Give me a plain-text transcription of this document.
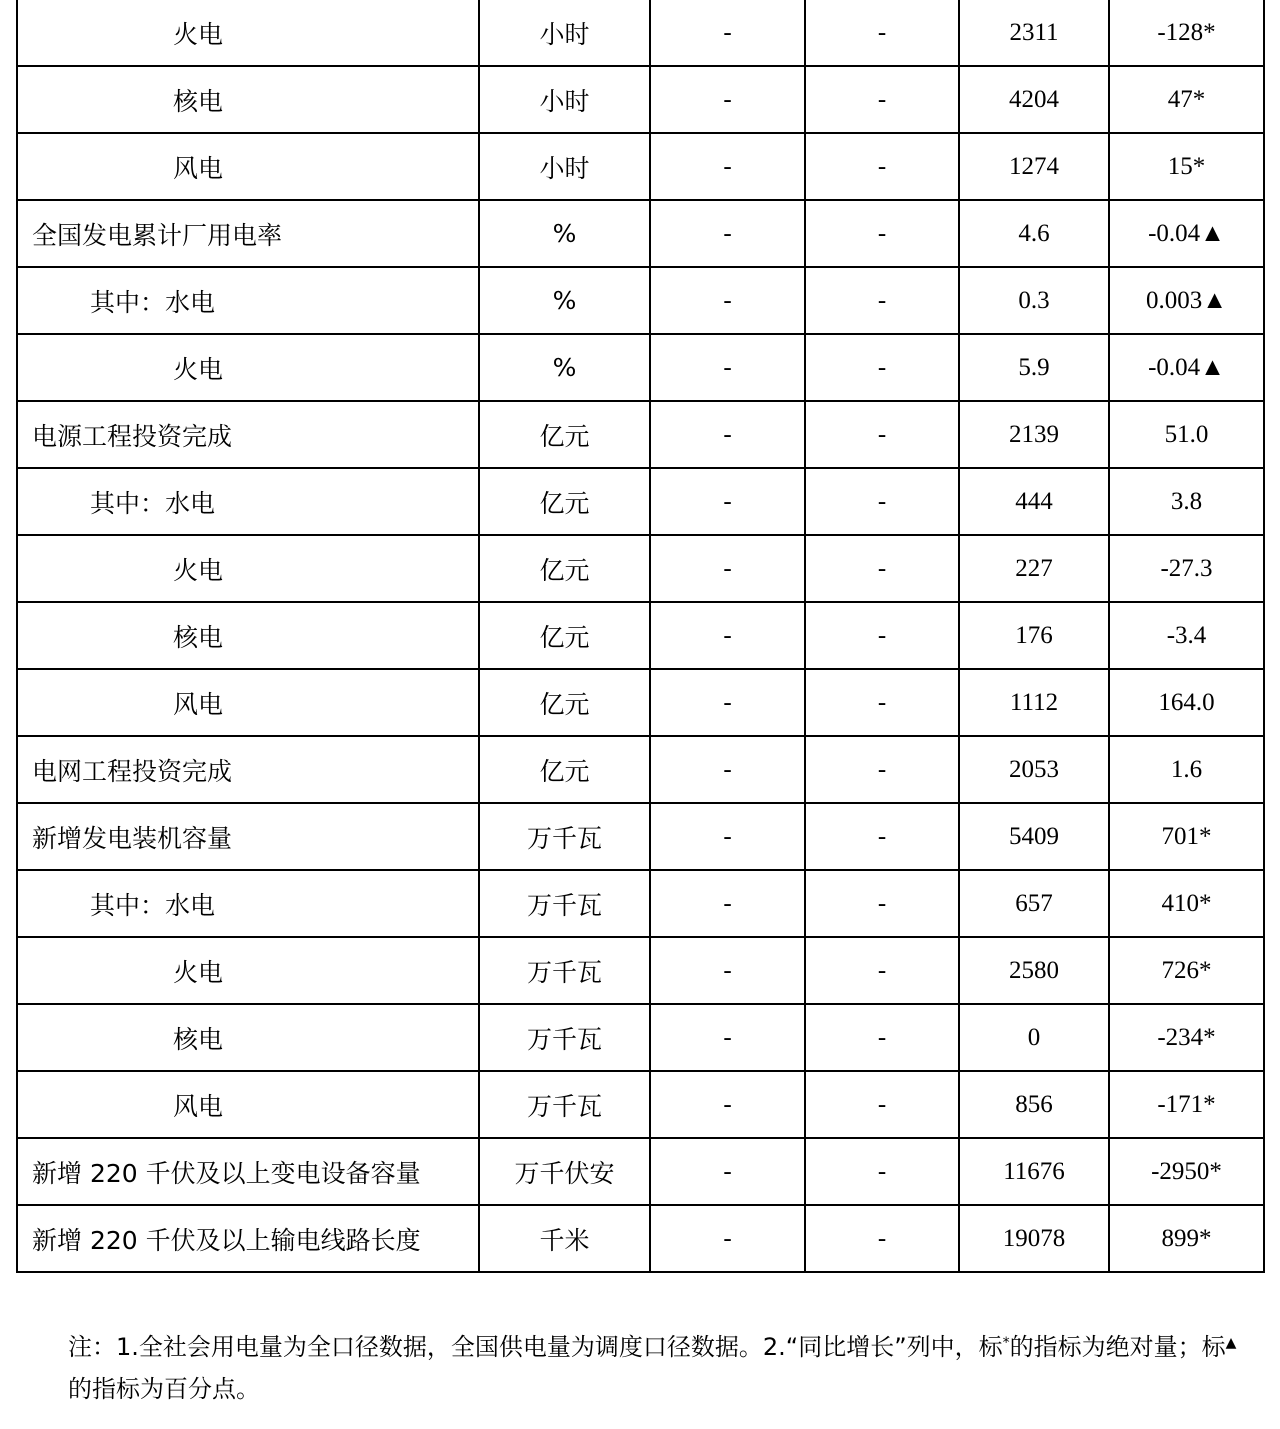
火电	小时	-	-	2311	-128*
核电	小时	-	-	4204	47*
风电	小时	-	-	1274	15*
全国发电累计厂用电率	%	-	-	4.6	-0.04▲
其中：水电	%	-	-	0.3	0.003▲
火电	%	-	-	5.9	-0.04▲
电源工程投资完成	亿元	-	-	2139	51.0
其中：水电	亿元	-	-	444	3.8
火电	亿元	-	-	227	-27.3
核电	亿元	-	-	176	-3.4
风电	亿元	-	-	1112	164.0
电网工程投资完成	亿元	-	-	2053	1.6
新增发电装机容量	万千瓦	-	-	5409	701*
其中：水电	万千瓦	-	-	657	410*
火电	万千瓦	-	-	2580	726*
核电	万千瓦	-	-	0	-234*
风电	万千瓦	-	-	856	-171*
新增 220 千伏及以上变电设备容量	万千伏安	-	-	11676	-2950*
新增 220 千伏及以上输电线路长度	千米	-	-	19078	899*
注：1.全社会用电量为全口径数据，全国供电量为调度口径数据。2.“同比增长”列中，标*的指标为绝对量；标▲的指标为百分点。
